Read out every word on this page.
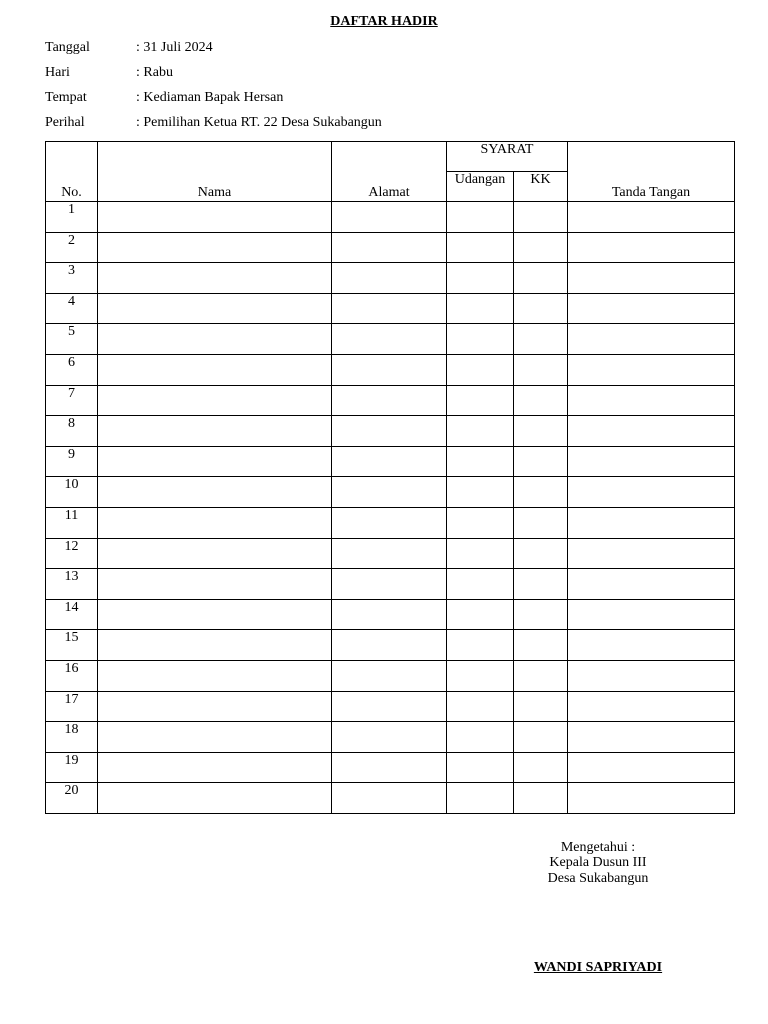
DAFTAR HADIR
Tanggal	: 31 Juli 2024
Hari	: Rabu
Tempat	: Kediaman Bapak Hersan
Perihal	: Pemilihan Ketua RT. 22 Desa Sukabangun
No.	Nama	Alamat	SYARAT		Tanda Tangan
			Udangan	KK	
1					
2					
3					
4					
5					
6					
7					
8					
9					
10					
11					
12					
13					
14					
15					
16					
17					
18					
19					
20					
Mengetahui :
Kepala Dusun III
Desa Sukabangun
WANDI SAPRIYADI
